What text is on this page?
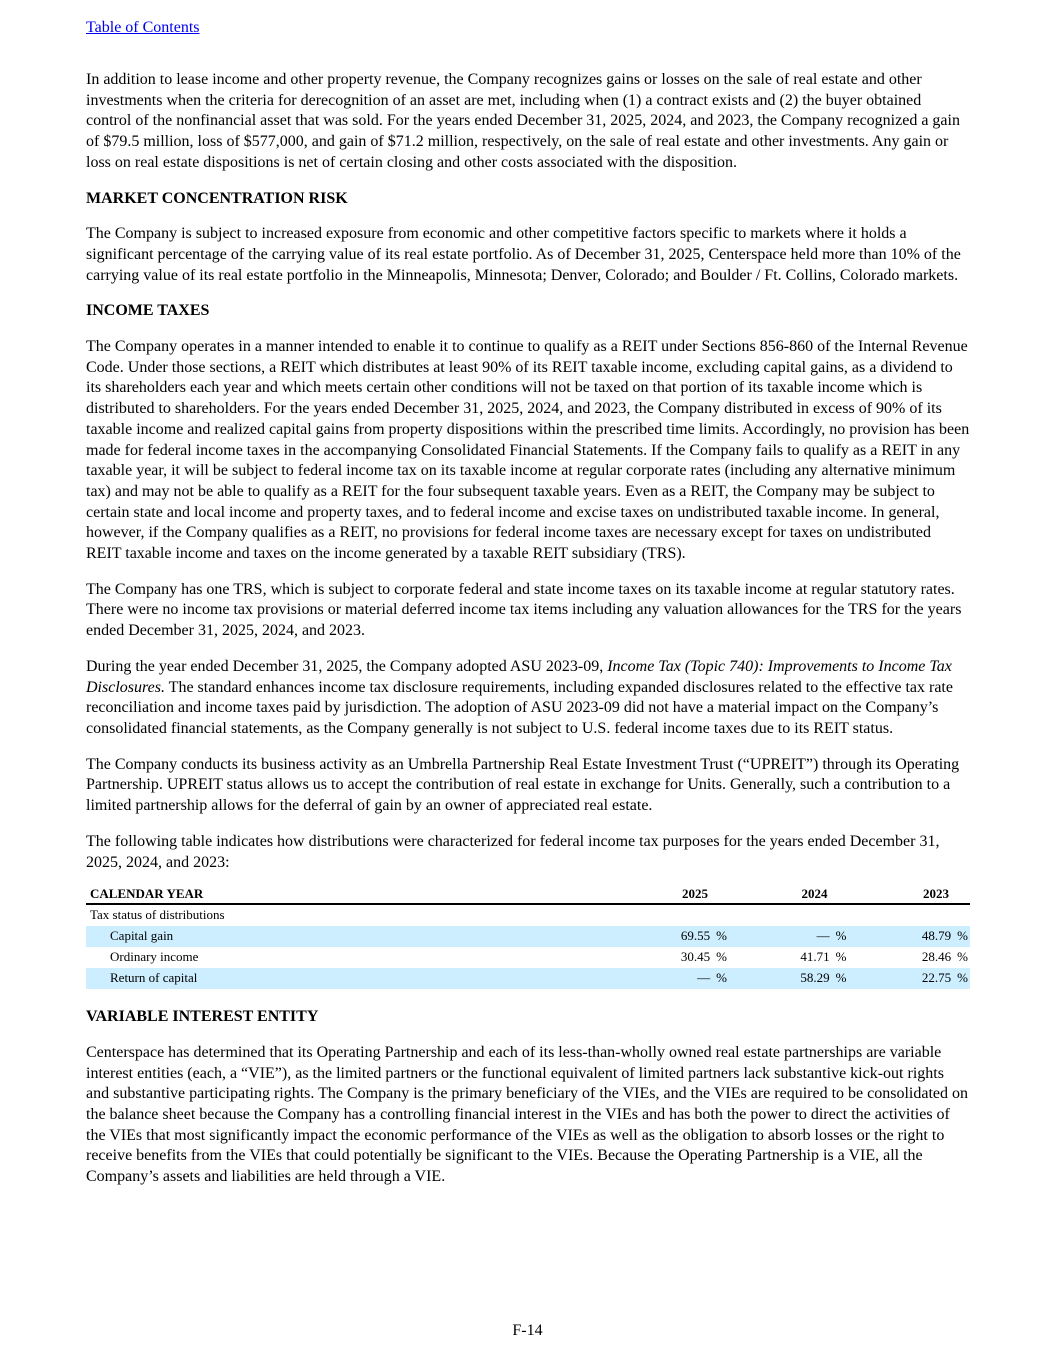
Table of Contents

In addition to lease income and other property revenue, the Company recognizes gains or losses on the sale of real estate and other investments when the criteria for derecognition of an asset are met, including when (1) a contract exists and (2) the buyer obtained control of the nonfinancial asset that was sold. For the years ended December 31, 2025, 2024, and 2023, the Company recognized a gain of $79.5 million, loss of $577,000, and gain of $71.2 million, respectively, on the sale of real estate and other investments. Any gain or loss on real estate dispositions is net of certain closing and other costs associated with the disposition.

MARKET CONCENTRATION RISK

The Company is subject to increased exposure from economic and other competitive factors specific to markets where it holds a significant percentage of the carrying value of its real estate portfolio. As of December 31, 2025, Centerspace held more than 10% of the carrying value of its real estate portfolio in the Minneapolis, Minnesota; Denver, Colorado; and Boulder / Ft. Collins, Colorado markets.

INCOME TAXES

The Company operates in a manner intended to enable it to continue to qualify as a REIT under Sections 856-860 of the Internal Revenue Code. Under those sections, a REIT which distributes at least 90% of its REIT taxable income, excluding capital gains, as a dividend to its shareholders each year and which meets certain other conditions will not be taxed on that portion of its taxable income which is distributed to shareholders. For the years ended December 31, 2025, 2024, and 2023, the Company distributed in excess of 90% of its taxable income and realized capital gains from property dispositions within the prescribed time limits. Accordingly, no provision has been made for federal income taxes in the accompanying Consolidated Financial Statements. If the Company fails to qualify as a REIT in any taxable year, it will be subject to federal income tax on its taxable income at regular corporate rates (including any alternative minimum tax) and may not be able to qualify as a REIT for the four subsequent taxable years. Even as a REIT, the Company may be subject to certain state and local income and property taxes, and to federal income and excise taxes on undistributed taxable income. In general, however, if the Company qualifies as a REIT, no provisions for federal income taxes are necessary except for taxes on undistributed REIT taxable income and taxes on the income generated by a taxable REIT subsidiary (TRS).

The Company has one TRS, which is subject to corporate federal and state income taxes on its taxable income at regular statutory rates. There were no income tax provisions or material deferred income tax items including any valuation allowances for the TRS for the years ended December 31, 2025, 2024, and 2023.

During the year ended December 31, 2025, the Company adopted ASU 2023-09, Income Tax (Topic 740): Improvements to Income Tax Disclosures. The standard enhances income tax disclosure requirements, including expanded disclosures related to the effective tax rate reconciliation and income taxes paid by jurisdiction. The adoption of ASU 2023-09 did not have a material impact on the Company’s consolidated financial statements, as the Company generally is not subject to U.S. federal income taxes due to its REIT status.

The Company conducts its business activity as an Umbrella Partnership Real Estate Investment Trust (“UPREIT”) through its Operating Partnership. UPREIT status allows us to accept the contribution of real estate in exchange for Units. Generally, such a contribution to a limited partnership allows for the deferral of gain by an owner of appreciated real estate.

The following table indicates how distributions were characterized for federal income tax purposes for the years ended December 31, 2025, 2024, and 2023:

CALENDAR YEAR	2025	2024	2023
Tax status of distributions			
Capital gain	69.55 %	— %	48.79 %
Ordinary income	30.45 %	41.71 %	28.46 %
Return of capital	— %	58.29 %	22.75 %
VARIABLE INTEREST ENTITY

Centerspace has determined that its Operating Partnership and each of its less-than-wholly owned real estate partnerships are variable interest entities (each, a “VIE”), as the limited partners or the functional equivalent of limited partners lack substantive kick-out rights and substantive participating rights. The Company is the primary beneficiary of the VIEs, and the VIEs are required to be consolidated on the balance sheet because the Company has a controlling financial interest in the VIEs and has both the power to direct the activities of the VIEs that most significantly impact the economic performance of the VIEs as well as the obligation to absorb losses or the right to receive benefits from the VIEs that could potentially be significant to the VIEs. Because the Operating Partnership is a VIE, all the Company’s assets and liabilities are held through a VIE.

F-14
